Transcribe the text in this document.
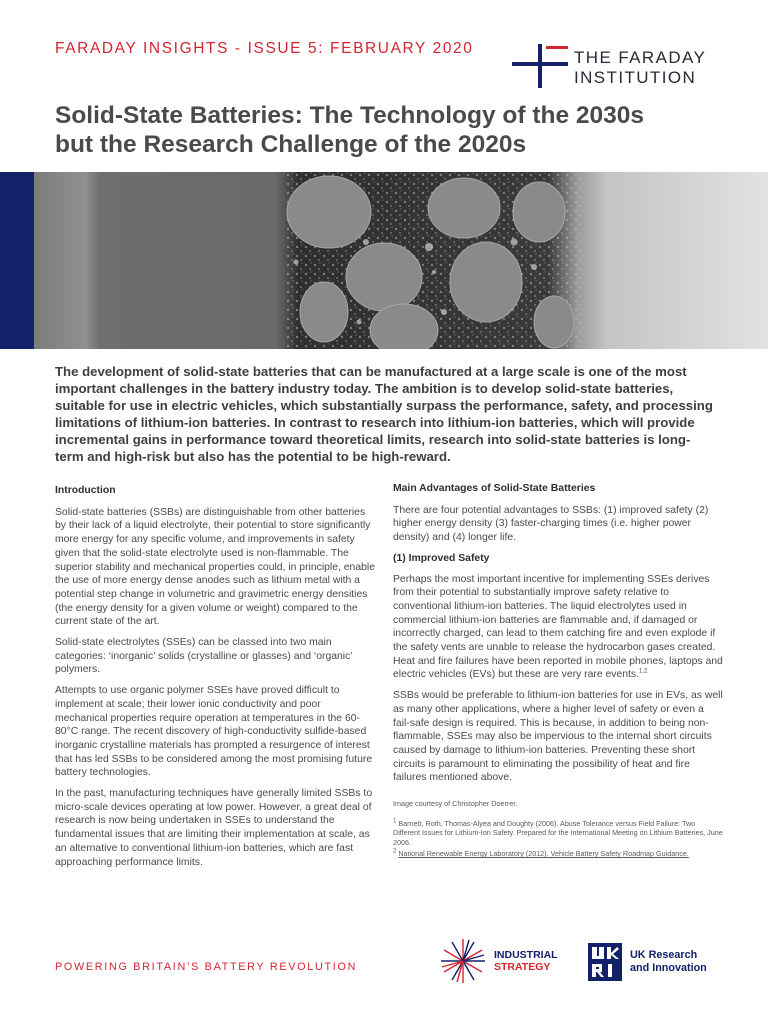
FARADAY INSIGHTS - ISSUE 5: FEBRUARY 2020	THE FARADAY
INSTITUTION
Solid-State Batteries: The Technology of the 2030s
but the Research Challenge of the 2020s
The development of solid-state batteries that can be manufactured at a large scale is one of the most important challenges in the battery industry today. The ambition is to develop solid-state batteries, suitable for use in electric vehicles, which substantially surpass the performance, safety, and processing limitations of lithium-ion batteries. In contrast to research into lithium-ion batteries, which will provide incremental gains in performance toward theoretical limits, research into solid-state batteries is long-term and high-risk but also has the potential to be high-reward.
Introduction

Solid-state batteries (SSBs) are distinguishable from other batteries by their lack of a liquid electrolyte, their potential to store significantly more energy for any specific volume, and improvements in safety given that the solid-state electrolyte used is non-flammable. The superior stability and mechanical properties could, in principle, enable the use of more energy dense anodes such as lithium metal with a potential step change in volumetric and gravimetric energy densities (the energy density for a given volume or weight) compared to the current state of the art.

Solid-state electrolytes (SSEs) can be classed into two main categories: ‘inorganic’ solids (crystalline or glasses) and ‘organic’ polymers.

Attempts to use organic polymer SSEs have proved difficult to implement at scale; their lower ionic conductivity and poor mechanical properties require operation at temperatures in the 60-80°C range. The recent discovery of high-conductivity sulfide-based inorganic crystalline materials has prompted a resurgence of interest that has led SSBs to be considered among the most promising future battery technologies.

In the past, manufacturing techniques have generally limited SSBs to micro-scale devices operating at low power. However, a great deal of research is now being undertaken in SSEs to understand the fundamental issues that are limiting their implementation at scale, as an alternative to conventional lithium-ion batteries, which are fast approaching performance limits.

Main Advantages of Solid-State Batteries

There are four potential advantages to SSBs: (1) improved safety (2) higher energy density (3) faster-charging times (i.e. higher power density) and (4) longer life.

(1) Improved Safety

Perhaps the most important incentive for implementing SSEs derives from their potential to substantially improve safety relative to conventional lithium-ion batteries. The liquid electrolytes used in commercial lithium-ion batteries are flammable and, if damaged or incorrectly charged, can lead to them catching fire and even explode if the safety vents are unable to release the hydrocarbon gases created. Heat and fire failures have been reported in mobile phones, laptops and electric vehicles (EVs) but these are very rare events.$^{1,2}$

SSBs would be preferable to lithium-ion batteries for use in EVs, as well as many other applications, where a higher level of safety or even a fail-safe design is required. This is because, in addition to being non-flammable, SSEs may also be impervious to the internal short circuits caused by damage to lithium-ion batteries. Preventing these short circuits is paramount to eliminating the possibility of heat and fire failures mentioned above.

Image courtesy of Christopher Doerrer.
$^1$ Barnett, Roth, Thomas-Alyea and Doughty (2006). Abuse Tolerance versus Field Failure: Two Different Issues for Lithium-Ion Safety. Prepared for the International Meeting on Lithium Batteries, June 2006.
$^2$ National Renewable Energy Laboratory (2012). Vehicle Battery Safety Roadmap Guidance.
POWERING BRITAIN’S BATTERY REVOLUTION
INDUSTRIAL
STRATEGY
UK Research
and Innovation
